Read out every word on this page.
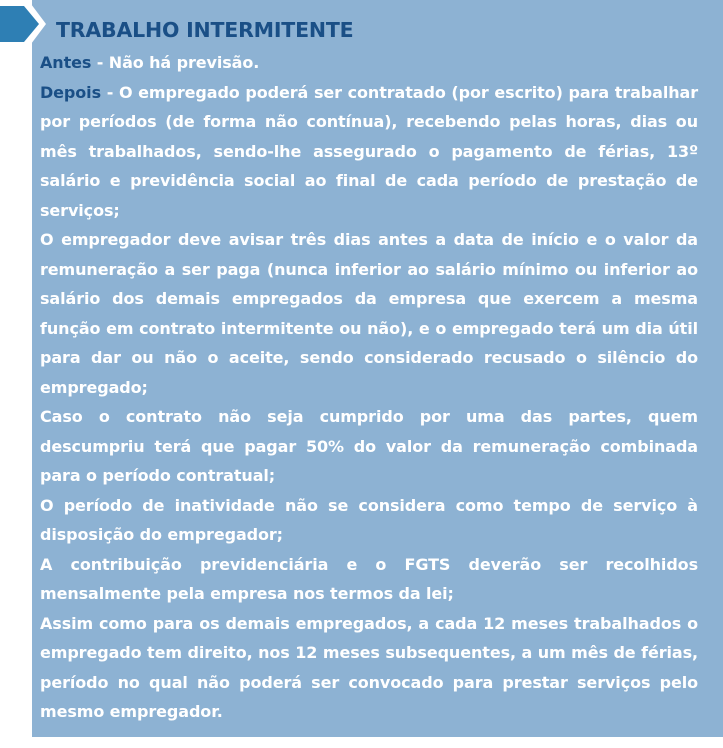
TRABALHO INTERMITENTE

Antes - Não há previsão.

Depois - O empregado poderá ser contratado (por escrito) para trabalhar por períodos (de forma não contínua), recebendo pelas horas, dias ou mês trabalhados, sendo-lhe assegurado o pagamento de férias, 13º salário e previdência social ao final de cada período de prestação de serviços;

O empregador deve avisar três dias antes a data de início e o valor da remuneração a ser paga (nunca inferior ao salário mínimo ou inferior ao salário dos demais empregados da empresa que exercem a mesma função em contrato intermitente ou não), e o empregado terá um dia útil para dar ou não o aceite, sendo considerado recusado o silêncio do empregado;

Caso o contrato não seja cumprido por uma das partes, quem descumpriu terá que pagar 50% do valor da remuneração combinada para o período contratual;

O período de inatividade não se considera como tempo de serviço à disposição do empregador;

A contribuição previdenciária e o FGTS deverão ser recolhidos mensalmente pela empresa nos termos da lei;

Assim como para os demais empregados, a cada 12 meses trabalhados o empregado tem direito, nos 12 meses subsequentes, a um mês de férias, período no qual não poderá ser convocado para prestar serviços pelo mesmo empregador.
